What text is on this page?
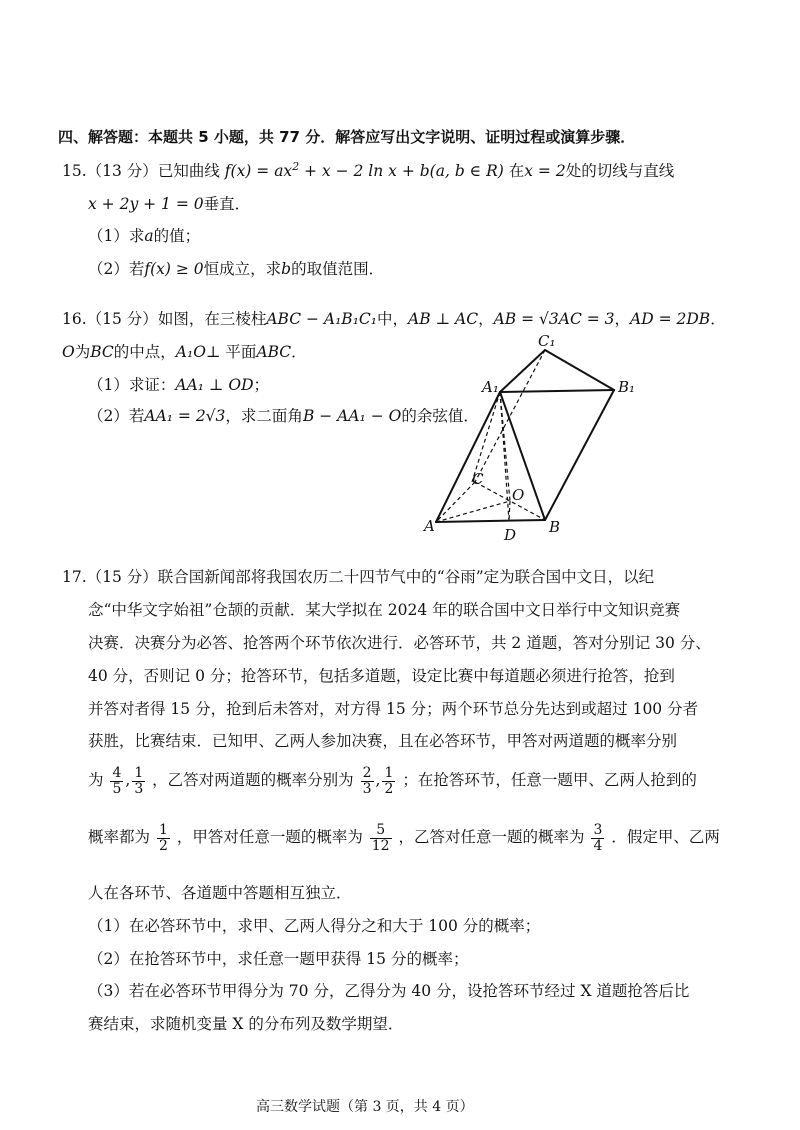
四、解答题：本题共 5 小题，共 77 分．解答应写出文字说明、证明过程或演算步骤．
15.（13 分）已知曲线 $f(x) = ax^2 + x - 2$ ln x + b(a, b ∈ R) 在x = 2处的切线与直线
x + 2y + 1 = 0垂直．
（1）求a的值；
（2）若f(x) ≥ 0恒成立，求b的取值范围．
16.（15 分）如图，在三棱柱ABC − A₁B₁C₁中，AB ⊥ AC，AB = √3AC = 3，AD = 2DB．
O为BC的中点，A₁O⊥ 平面ABC．
（1）求证：AA₁ ⊥ OD；
（2）若AA₁ = 2√3，求二面角B − AA₁ − O的余弦值．
C₁
A₁	B₁
C
O
A	D B
17.（15 分）联合国新闻部将我国农历二十四节气中的“谷雨”定为联合国中文日，以纪
念“中华文字始祖”仓颉的贡献．某大学拟在 2024 年的联合国中文日举行中文知识竞赛
决赛．决赛分为必答、抢答两个环节依次进行．必答环节，共 2 道题，答对分别记 30 分、
40 分，否则记 0 分；抢答环节，包括多道题，设定比赛中每道题必须进行抢答，抢到
并答对者得 15 分，抢到后未答对，对方得 15 分；两个环节总分先达到或超过 100 分者
获胜，比赛结束．已知甲、乙两人参加决赛，且在必答环节，甲答对两道题的概率分别
为 $\frac{4}{5}$ , $\frac{1}{3}$ ，乙答对两道题的概率分别为 $\frac{2}{3}$ , $\frac{1}{2}$ ；在抢答环节，任意一题甲、乙两人抢到的
概率都为 $\frac{1}{2}$ ，甲答对任意一题的概率为 $\frac{5}{12}$ ，乙答对任意一题的概率为 $\frac{3}{4}$ ．假定甲、乙两
人在各环节、各道题中答题相互独立．
（1）在必答环节中，求甲、乙两人得分之和大于 100 分的概率；
（2）在抢答环节中，求任意一题甲获得 15 分的概率；
（3）若在必答环节甲得分为 70 分，乙得分为 40 分，设抢答环节经过 X 道题抢答后比
赛结束，求随机变量 X 的分布列及数学期望．
高三数学试题（第 3 页，共 4 页）
